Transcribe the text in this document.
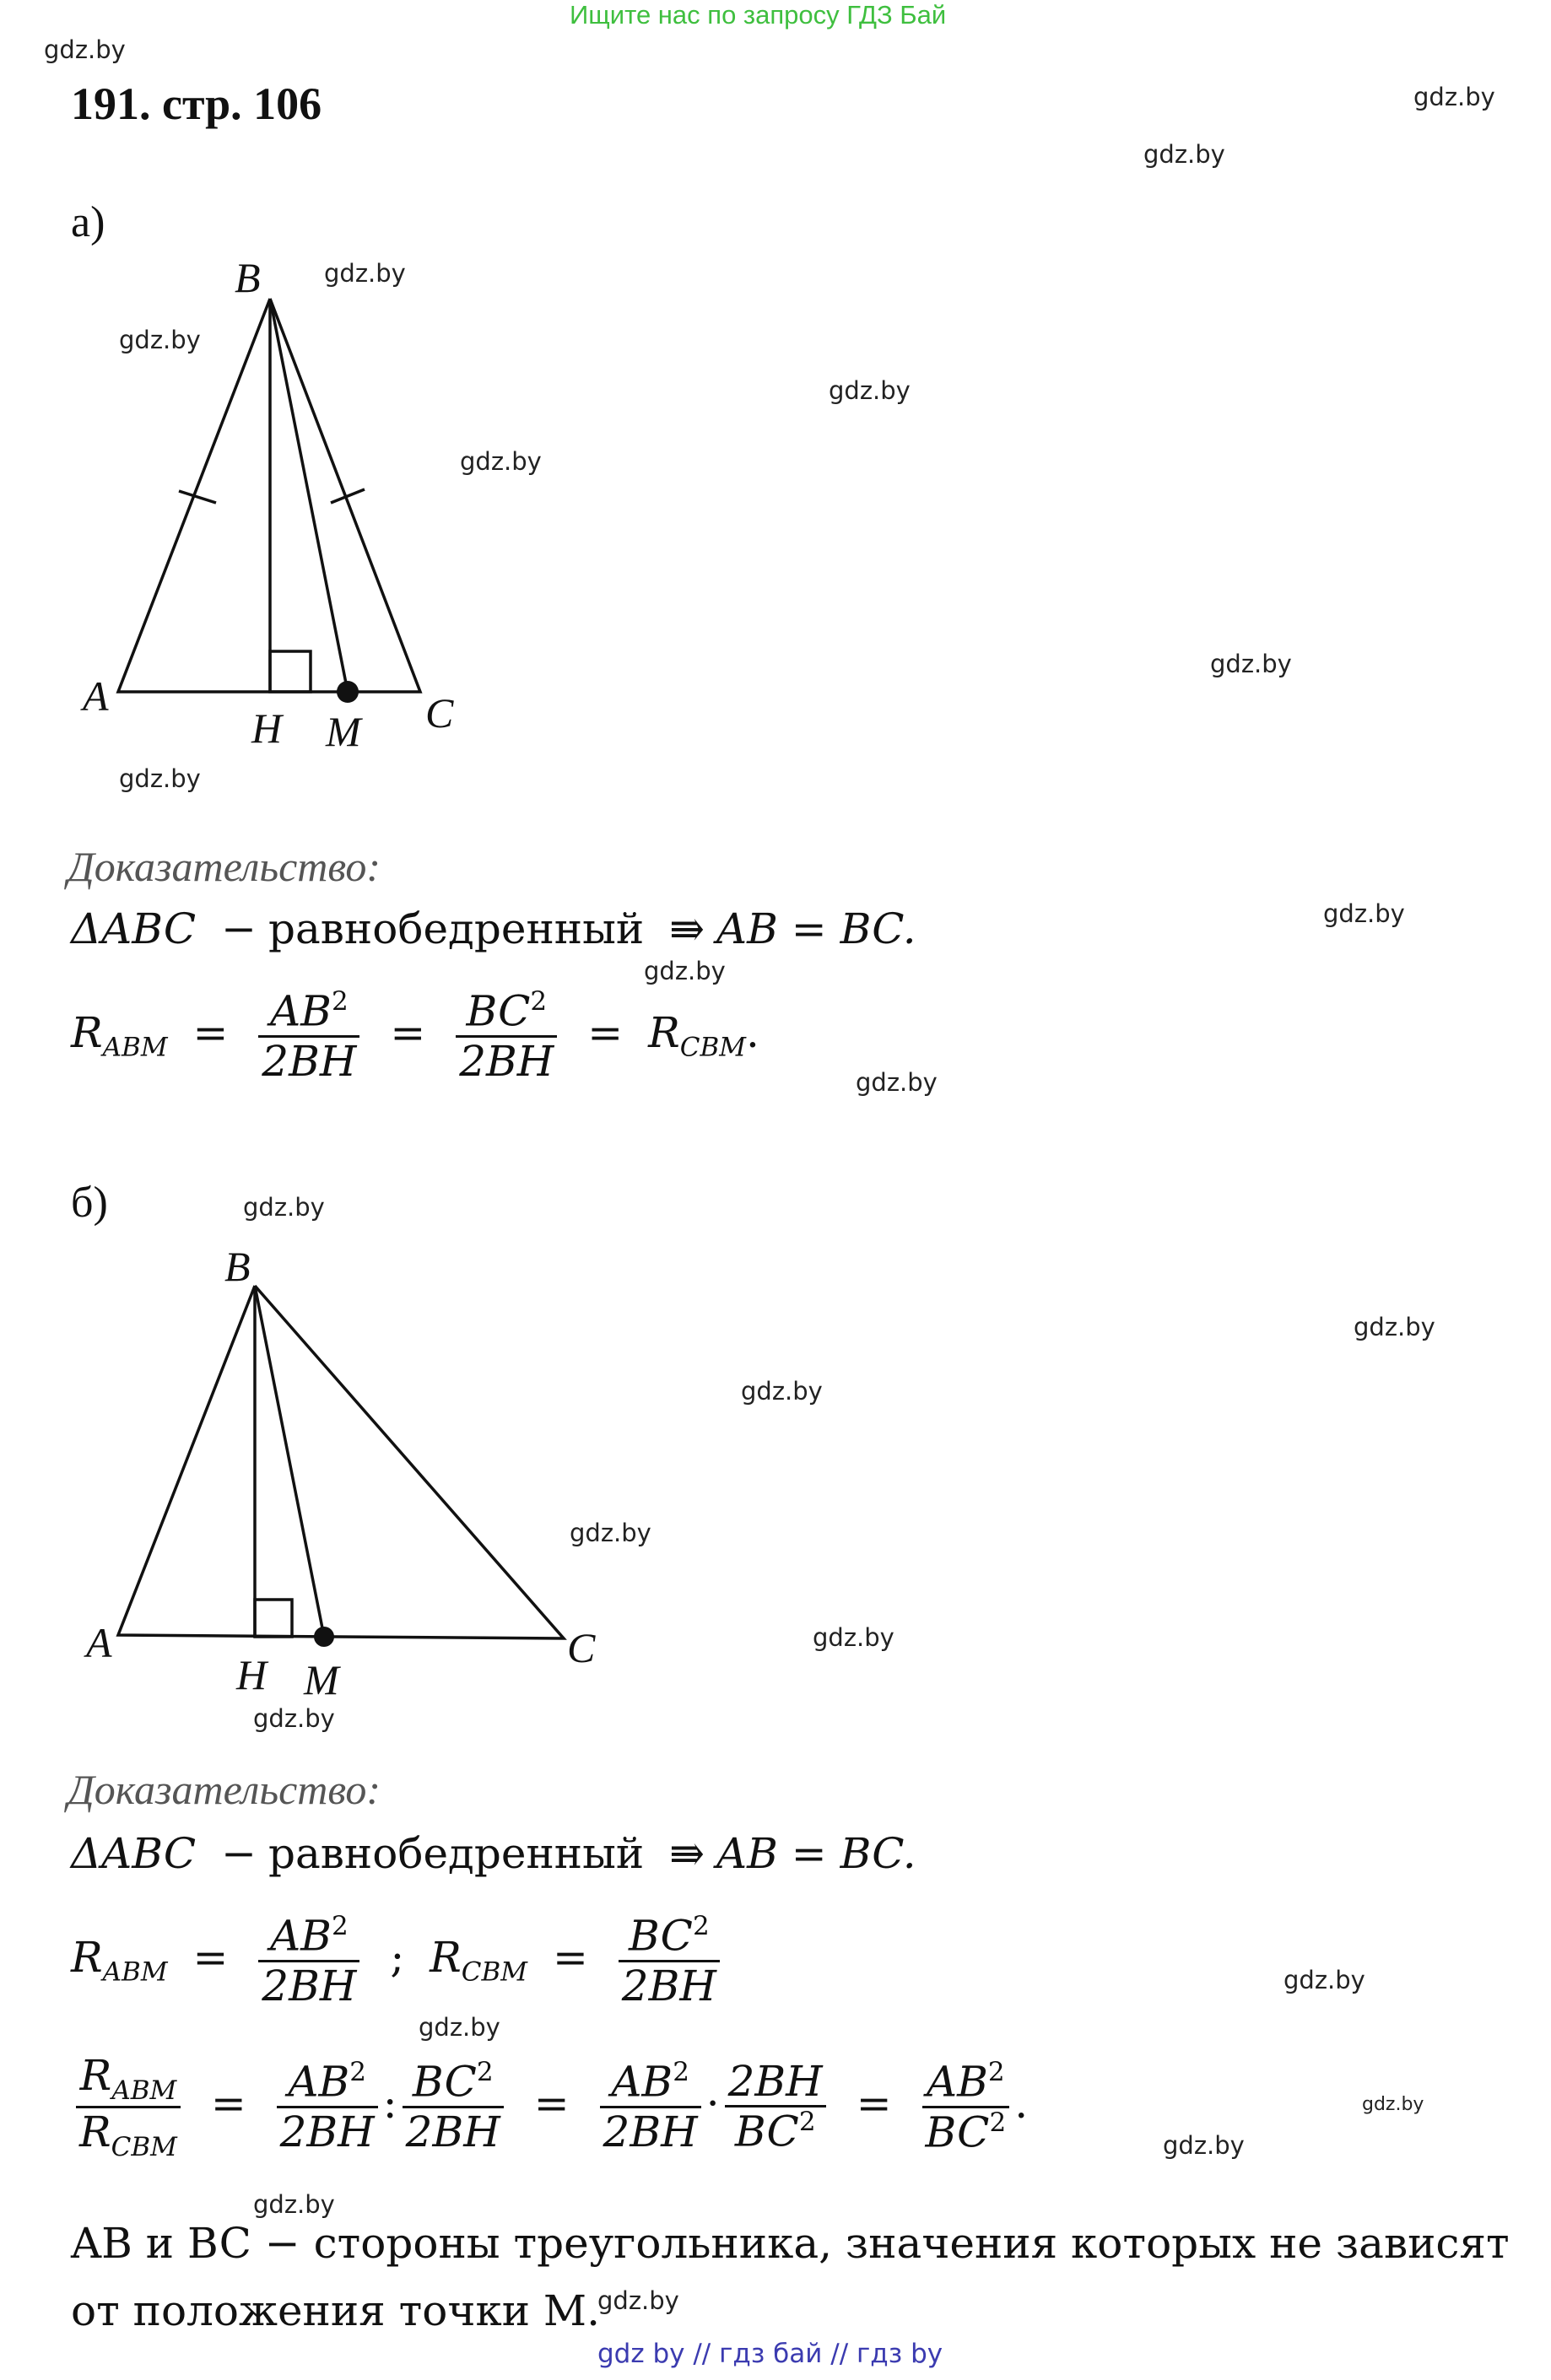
Ищите нас по запросу ГДЗ Бай
gdz.by
gdz.by
gdz.by
gdz.by
gdz.by
gdz.by
gdz.by
gdz.by
gdz.by
gdz.by
gdz.by
gdz.by
gdz.by
gdz.by
gdz.by
gdz.by
gdz.by
gdz.by
gdz.by
gdz.by
gdz.by
gdz.by
gdz.by
gdz.by
191. стр. 106
а)
B
A	C
H M
Доказательство:
ΔABC − равнобедренный ⇛ AB = BC.
$R_{ABM} = \frac{AB^2}{2BH} = \frac{BC^2}{2BH} = R_{CBM}$.
б)
B
A	C
H M
Доказательство:
ΔABC − равнобедренный ⇛ AB = BC.
$R_{ABM} = \frac{AB^2}{2BH}$ ; $R_{CBM} = \frac{BC^2}{2BH}$
$\frac{R_{ABM}}{R_{CBM}} = \frac{AB^2}{2BH}$ : $\frac{BC^2}{2BH} = \frac{AB^2}{2BH} \cdot \frac{2BH}{BC^2} = \frac{AB^2}{BC^2}$ .
AB и BC − стороны треугольника, значения которых не зависят
от положения точки M.
gdz by // гдз бай // гдз by
